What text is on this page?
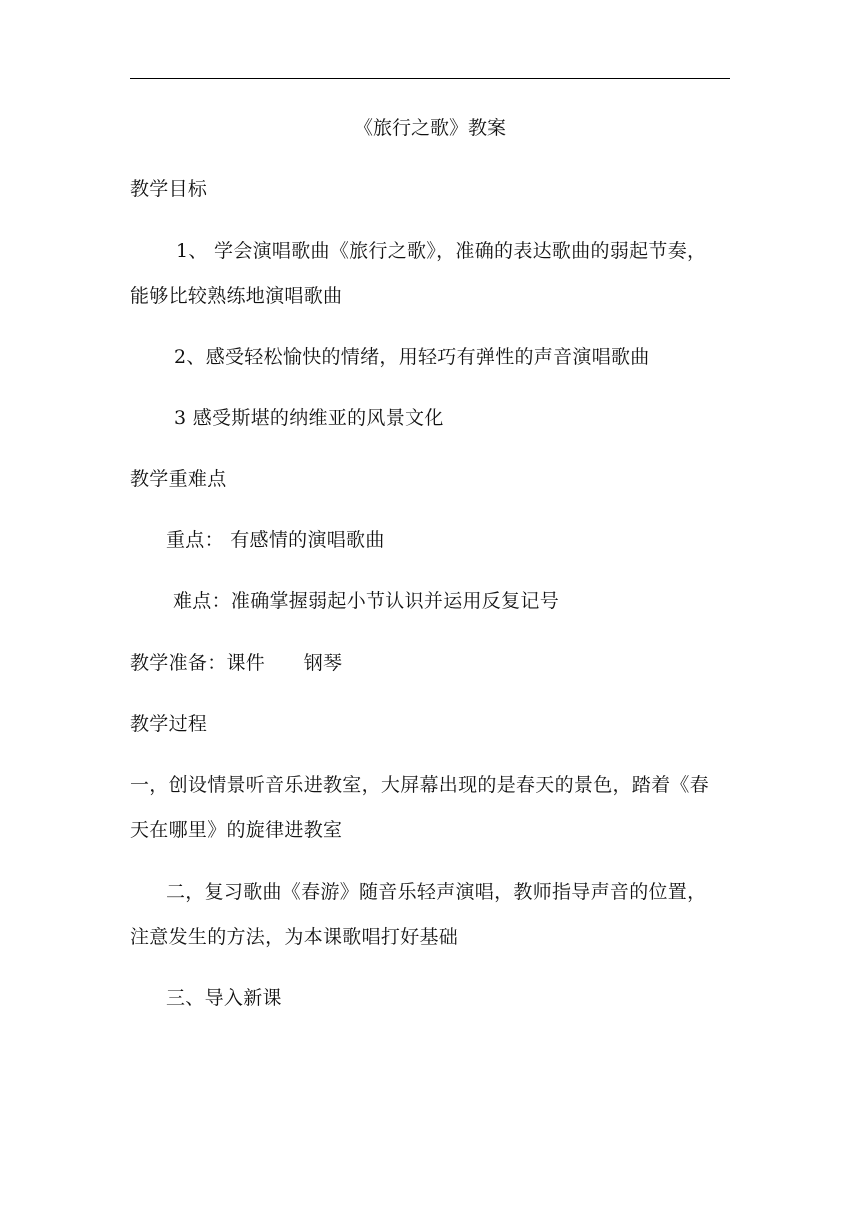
《旅行之歌》教案
教学目标
1、 学会演唱歌曲《旅行之歌》，准确的表达歌曲的弱起节奏，
能够比较熟练地演唱歌曲
2、感受轻松愉快的情绪，用轻巧有弹性的声音演唱歌曲
3 感受斯堪的纳维亚的风景文化
教学重难点
重点： 有感情的演唱歌曲
难点：准确掌握弱起小节认识并运用反复记号
教学准备：课件　　钢琴
教学过程
一，创设情景听音乐进教室，大屏幕出现的是春天的景色，踏着《春
天在哪里》的旋律进教室
二，复习歌曲《春游》随音乐轻声演唱，教师指导声音的位置，
注意发生的方法，为本课歌唱打好基础
三、导入新课
